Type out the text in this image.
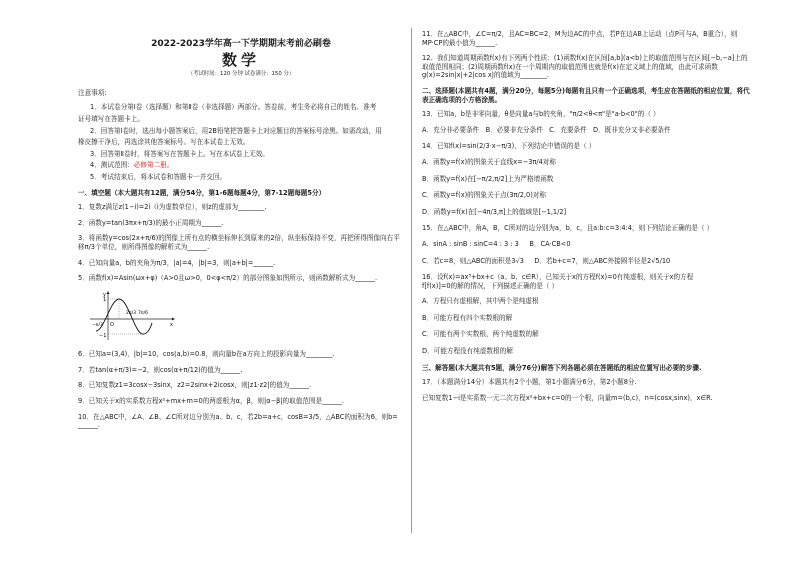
2022-2023学年高一下学期期末考前必刷卷
数学
（考试时间：120 分钟 试卷满分：150 分）
注意事项:

1．本试卷分第Ⅰ卷（选择题）和第Ⅱ卷（非选择题）两部分。答卷前，考生务必将自己的姓名、准考

证号填写在答题卡上。

2．回答第Ⅰ卷时，选出每小题答案后，用2B铅笔把答题卡上对应题目的答案标号涂黑。如需改动，用

橡皮擦干净后，再选涂其他答案标号。写在本试卷上无效。

3．回答第Ⅱ卷时，将答案写在答题卡上。写在本试卷上无效。

4．测试范围：必修第二册。

5．考试结束后，将本试卷和答题卡一并交回。

一、填空题（本大题共有12题，满分54分，第1-6题每题4分，第7-12题每题5分）
1．复数z满足z(1−i)=2i（i为虚数单位），则z的虚部为________.
2．函数y=tan(3πx+π/3)的最小正周期为______.
3．将函数y=cos(2x+π/6)的图像上所有点的横坐标伸长到原来的2倍，纵坐标保持不变，再把所得图像向右平移π/3个单位，则所得图像的解析式为______.
4．已知向量a，b的夹角为π/3，|a|=4，|b|=3，则|a+b|=______.
5．函数f(x)=Asin(ωx+φ)（A>0且ω>0，0<φ<π/2）的部分图象如图所示，则函数解析式为______.
y
x
O
1
−1
−π/3
2π/3 7π/6
6．已知a=(3,4)，|b|=10，cos⟨a,b⟩=0.8，则向量b在a方向上的投影向量为________.
7．若tan(α+π/3)=−2，则cos(α+π/12)的值为______.
8．已知复数z1=3cosx−3sinx，z2=2sinx+2icosx，则|z1·z2|的值为______.
9．已知关于x的实系数方程x²+mx+m=0的两虚根为α，β，则|α−β|的取值范围是______.
10．在△ABC中，∠A、∠B、∠C所对边分别为a、b、c，若2b=a+c，cosB=3/5，△ABC的面积为6，则b=
______.
11．在△ABC中，∠C=π/2，且AC=BC=2，M为边AC的中点，若P在边AB上运动（点P可与A，B重合），则MP·CP的最小值为______.
12．我们知道周期函数f(x)有下列两个性质：(1)函数f(x)在区间[a,b](a<b)上的取值范围与在区间[−b,−a]上的取值范围相同；(2)周期函数f(x)在一个周期内的取值范围也就是f(x)在定义域上的值域，由此可求函数g(x)=2sin|x|+2|cos x|的值域为________.
二、选择题(本题共有4题，满分20分，每题5分)每题有且只有一个正确选项，考生应在答题纸的相应位置，将代表正确选项的小方格涂黑。
13．已知a，b是非零向量，θ是向量a与b的夹角，"π/2<θ<π"是"a·b<0"的（ ）
A．充分非必要条件 B．必要非充分条件 C．充要条件 D．既非充分又非必要条件
14．已知f(x)=sin(2/3·x−π/3)，下列结论中错误的是（ ）
A．函数y=f(x)的图象关于直线x=−3π/4对称
B．函数y=f(x)在[−π/2,π/2]上为严格增函数
C．函数y=f(x)的图象关于点(3π/2,0)对称
D．函数y=f(x)在[−4π/3,π]上的值域是[−1,1/2]
15．在△ABC中，角A，B，C所对的边分别为a，b，c，且a:b:c=3:4:4，则下列结论正确的是（ ）
A．sinA : sinB : sinC=4 : 3 : 3 B．CA·CB<0
C．若c=8，则△ABC的面积是3√3 D．若b+c=7，则△ABC外接圆半径是2√5/10
16．设f(x)=ax³+bx+c（a、b、c∈R），已知关于x的方程f(x)=0有纯虚根，则关于x的方程
f[f(x)]=0的解的情况，下列描述正确的是（ ）
A．方程只有虚根解，其中两个是纯虚根
B．可能方程有四个实数根的解
C．可能有两个实数根，两个纯虚数的解
D．可能方程没有纯虚数根的解
三、解答题(本大题共有5题，满分76分)解答下列各题必须在答题纸的相应位置写出必要的步骤.
17．（本题满分14分）本题共有2个小题，第1小题满分6分，第2小题8分.
已知复数1−i是实系数一元二次方程x²+bx+c=0的一个根，向量m=(b,c)，n=(cosx,sinx)，x∈R.
